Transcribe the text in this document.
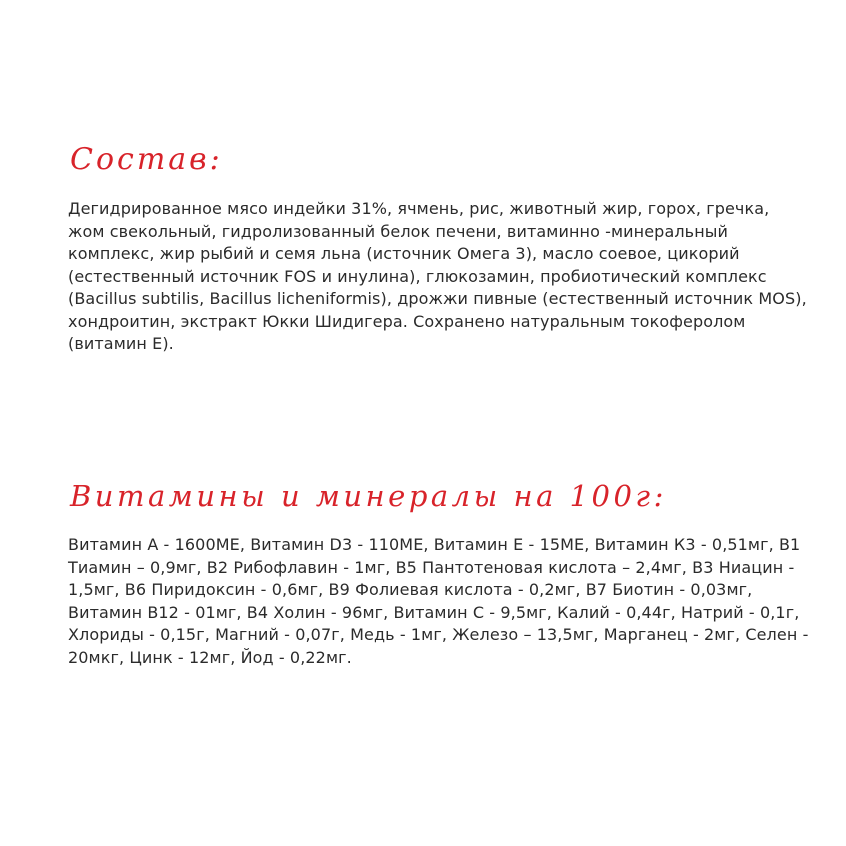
Состав:

Дегидрированное мясо индейки 31%, ячмень, рис, животный жир, горох, гречка, жом свекольный, гидролизованный белок печени, витаминно -минеральный комплекс, жир рыбий и семя льна (источник Омега 3), масло соевое, цикорий (естественный источник FOS и инулина), глюкозамин, пробиотический комплекс (Bacillus subtilis, Bacillus licheniformis), дрожжи пивные (естественный источник MOS), хондроитин, экстракт Юкки Шидигера. Сохранено натуральным токоферолом (витамин Е).

Витамины и минералы на 100г:

Витамин А - 1600МЕ, Витамин D3 - 110МЕ, Витамин Е - 15МЕ, Витамин К3 - 0,51мг, В1 Тиамин – 0,9мг, В2 Рибофлавин - 1мг, В5 Пантотеновая кислота – 2,4мг, В3 Ниацин - 1,5мг, В6 Пиридоксин - 0,6мг, В9 Фолиевая кислота - 0,2мг, В7 Биотин - 0,03мг, Витамин В12 - 01мг, В4 Холин - 96мг, Витамин С - 9,5мг, Калий - 0,44г, Натрий - 0,1г, Хлориды - 0,15г, Магний - 0,07г, Медь - 1мг, Железо – 13,5мг, Марганец - 2мг, Селен - 20мкг, Цинк - 12мг, Йод - 0,22мг.
